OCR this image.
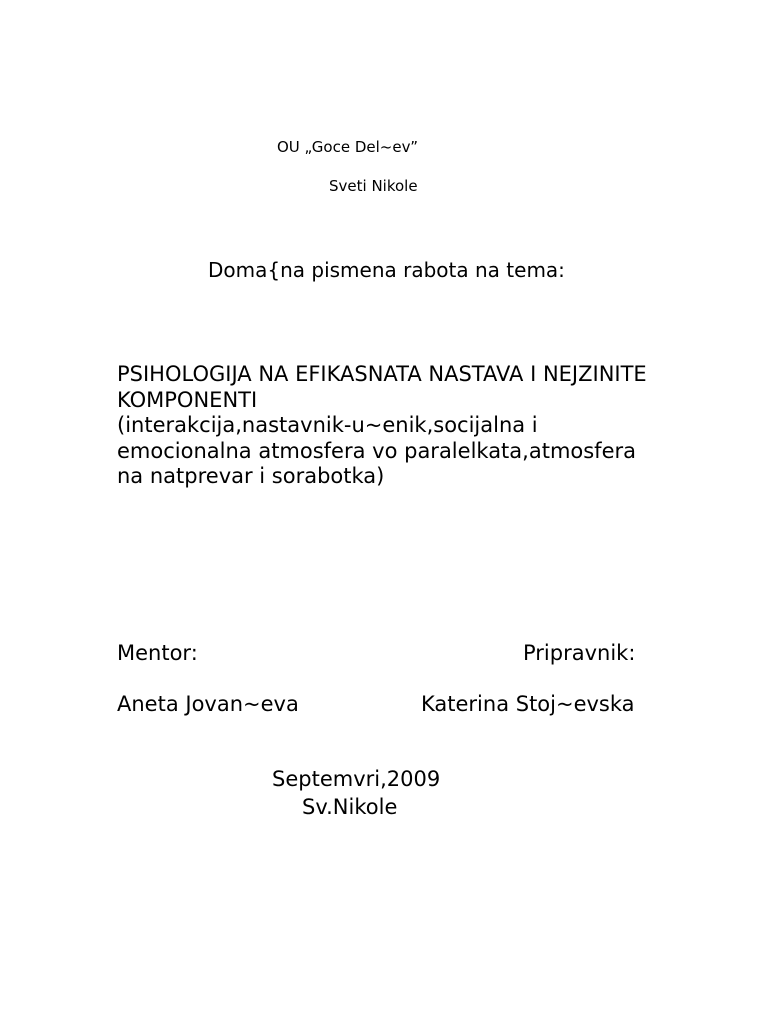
OU „Goce Del~ev”
Sveti Nikole
Doma{na pismena rabota na tema:
PSIHOLOGIJA NA EFIKASNATA NASTAVA I NEJZINITE
KOMPONENTI
(interakcija,nastavnik-u~enik,socijalna i
emocionalna atmosfera vo paralelkata,atmosfera
na natprevar i sorabotka)
Mentor:	Pripravnik:
Aneta Jovan~eva	Katerina Stoj~evska
Septemvri,2009
Sv.Nikole
